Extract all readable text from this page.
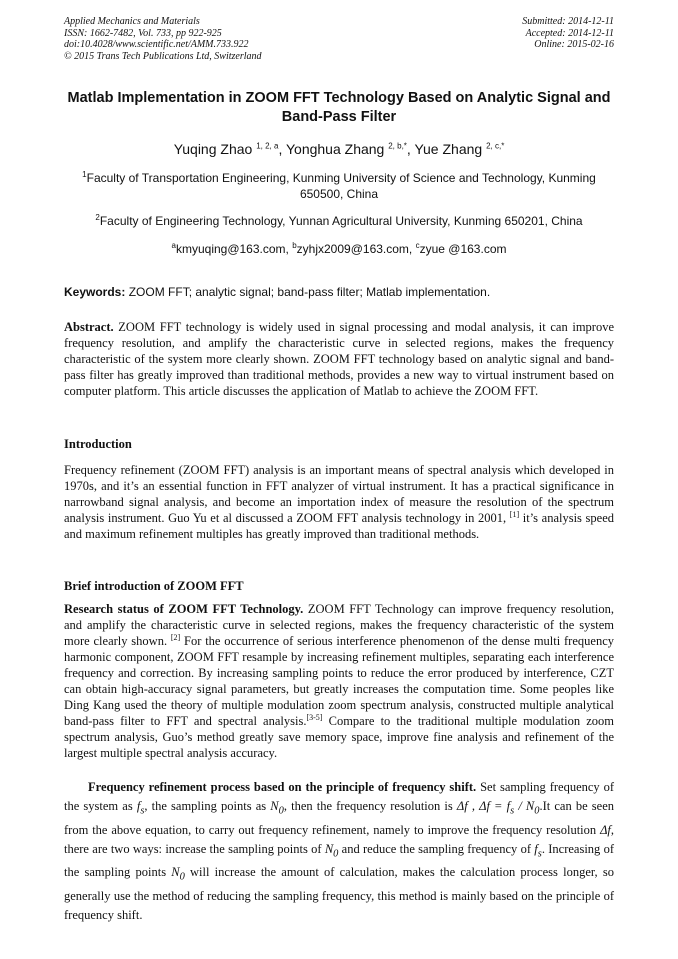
Applied Mechanics and Materials
ISSN: 1662-7482, Vol. 733, pp 922-925
doi:10.4028/www.scientific.net/AMM.733.922
© 2015 Trans Tech Publications Ltd, Switzerland
Submitted: 2014-12-11
Accepted: 2014-12-11
Online: 2015-02-16
Matlab Implementation in ZOOM FFT Technology Based on Analytic Signal and Band-Pass Filter
Yuqing Zhao $^{1, 2, a}$, Yonghua Zhang $^{2, b,*}$, Yue Zhang $^{2, c,*}$
$^1$Faculty of Transportation Engineering, Kunming University of Science and Technology, Kunming 650500, China
$^2$Faculty of Engineering Technology, Yunnan Agricultural University, Kunming 650201, China
$^a$kmyuqing@163.com, $^b$zyhjx2009@163.com, $^c$zyue @163.com
Keywords: ZOOM FFT; analytic signal; band-pass filter; Matlab implementation.
Abstract. ZOOM FFT technology is widely used in signal processing and modal analysis, it can improve frequency resolution, and amplify the characteristic curve in selected regions, makes the frequency characteristic of the system more clearly shown. ZOOM FFT technology based on analytic signal and band-pass filter has greatly improved than traditional methods, provides a new way to virtual instrument based on computer platform. This article discusses the application of Matlab to achieve the ZOOM FFT.
Introduction
Frequency refinement (ZOOM FFT) analysis is an important means of spectral analysis which developed in 1970s, and it’s an essential function in FFT analyzer of virtual instrument. It has a practical significance in narrowband signal analysis, and become an importation index of measure the resolution of the spectrum analysis instrument. Guo Yu et al discussed a ZOOM FFT analysis technology in 2001, [1] it’s analysis speed and maximum refinement multiples has greatly improved than traditional methods.
Brief introduction of ZOOM FFT
Research status of ZOOM FFT Technology. ZOOM FFT Technology can improve frequency resolution, and amplify the characteristic curve in selected regions, makes the frequency characteristic of the system more clearly shown. [2] For the occurrence of serious interference phenomenon of the dense multi frequency harmonic component, ZOOM FFT resample by increasing refinement multiples, separating each interference frequency and correction. By increasing sampling points to reduce the error produced by interference, CZT can obtain high-accuracy signal parameters, but greatly increases the computation time. Some peoples like Ding Kang used the theory of multiple modulation zoom spectrum analysis, constructed multiple analytical band-pass filter to FFT and spectral analysis.[3-5] Compare to the traditional multiple modulation zoom spectrum analysis, Guo’s method greatly save memory space, improve fine analysis and refinement of the largest multiple spectral analysis accuracy.
Frequency refinement process based on the principle of frequency shift. Set sampling frequency of the system as $f_s$, the sampling points as $N_0$, then the frequency resolution is Δf , $\Delta f = f_s / N_0.It$ can be seen from the above equation, to carry out frequency refinement, namely to improve the frequency resolution Δf, there are two ways: increase the sampling points of $N_0$ and reduce the sampling frequency of $f_s$. Increasing of the sampling points $N_0$ will increase the amount of calculation, makes the calculation process longer, so generally use the method of reducing the sampling frequency, this method is mainly based on the principle of frequency shift.
